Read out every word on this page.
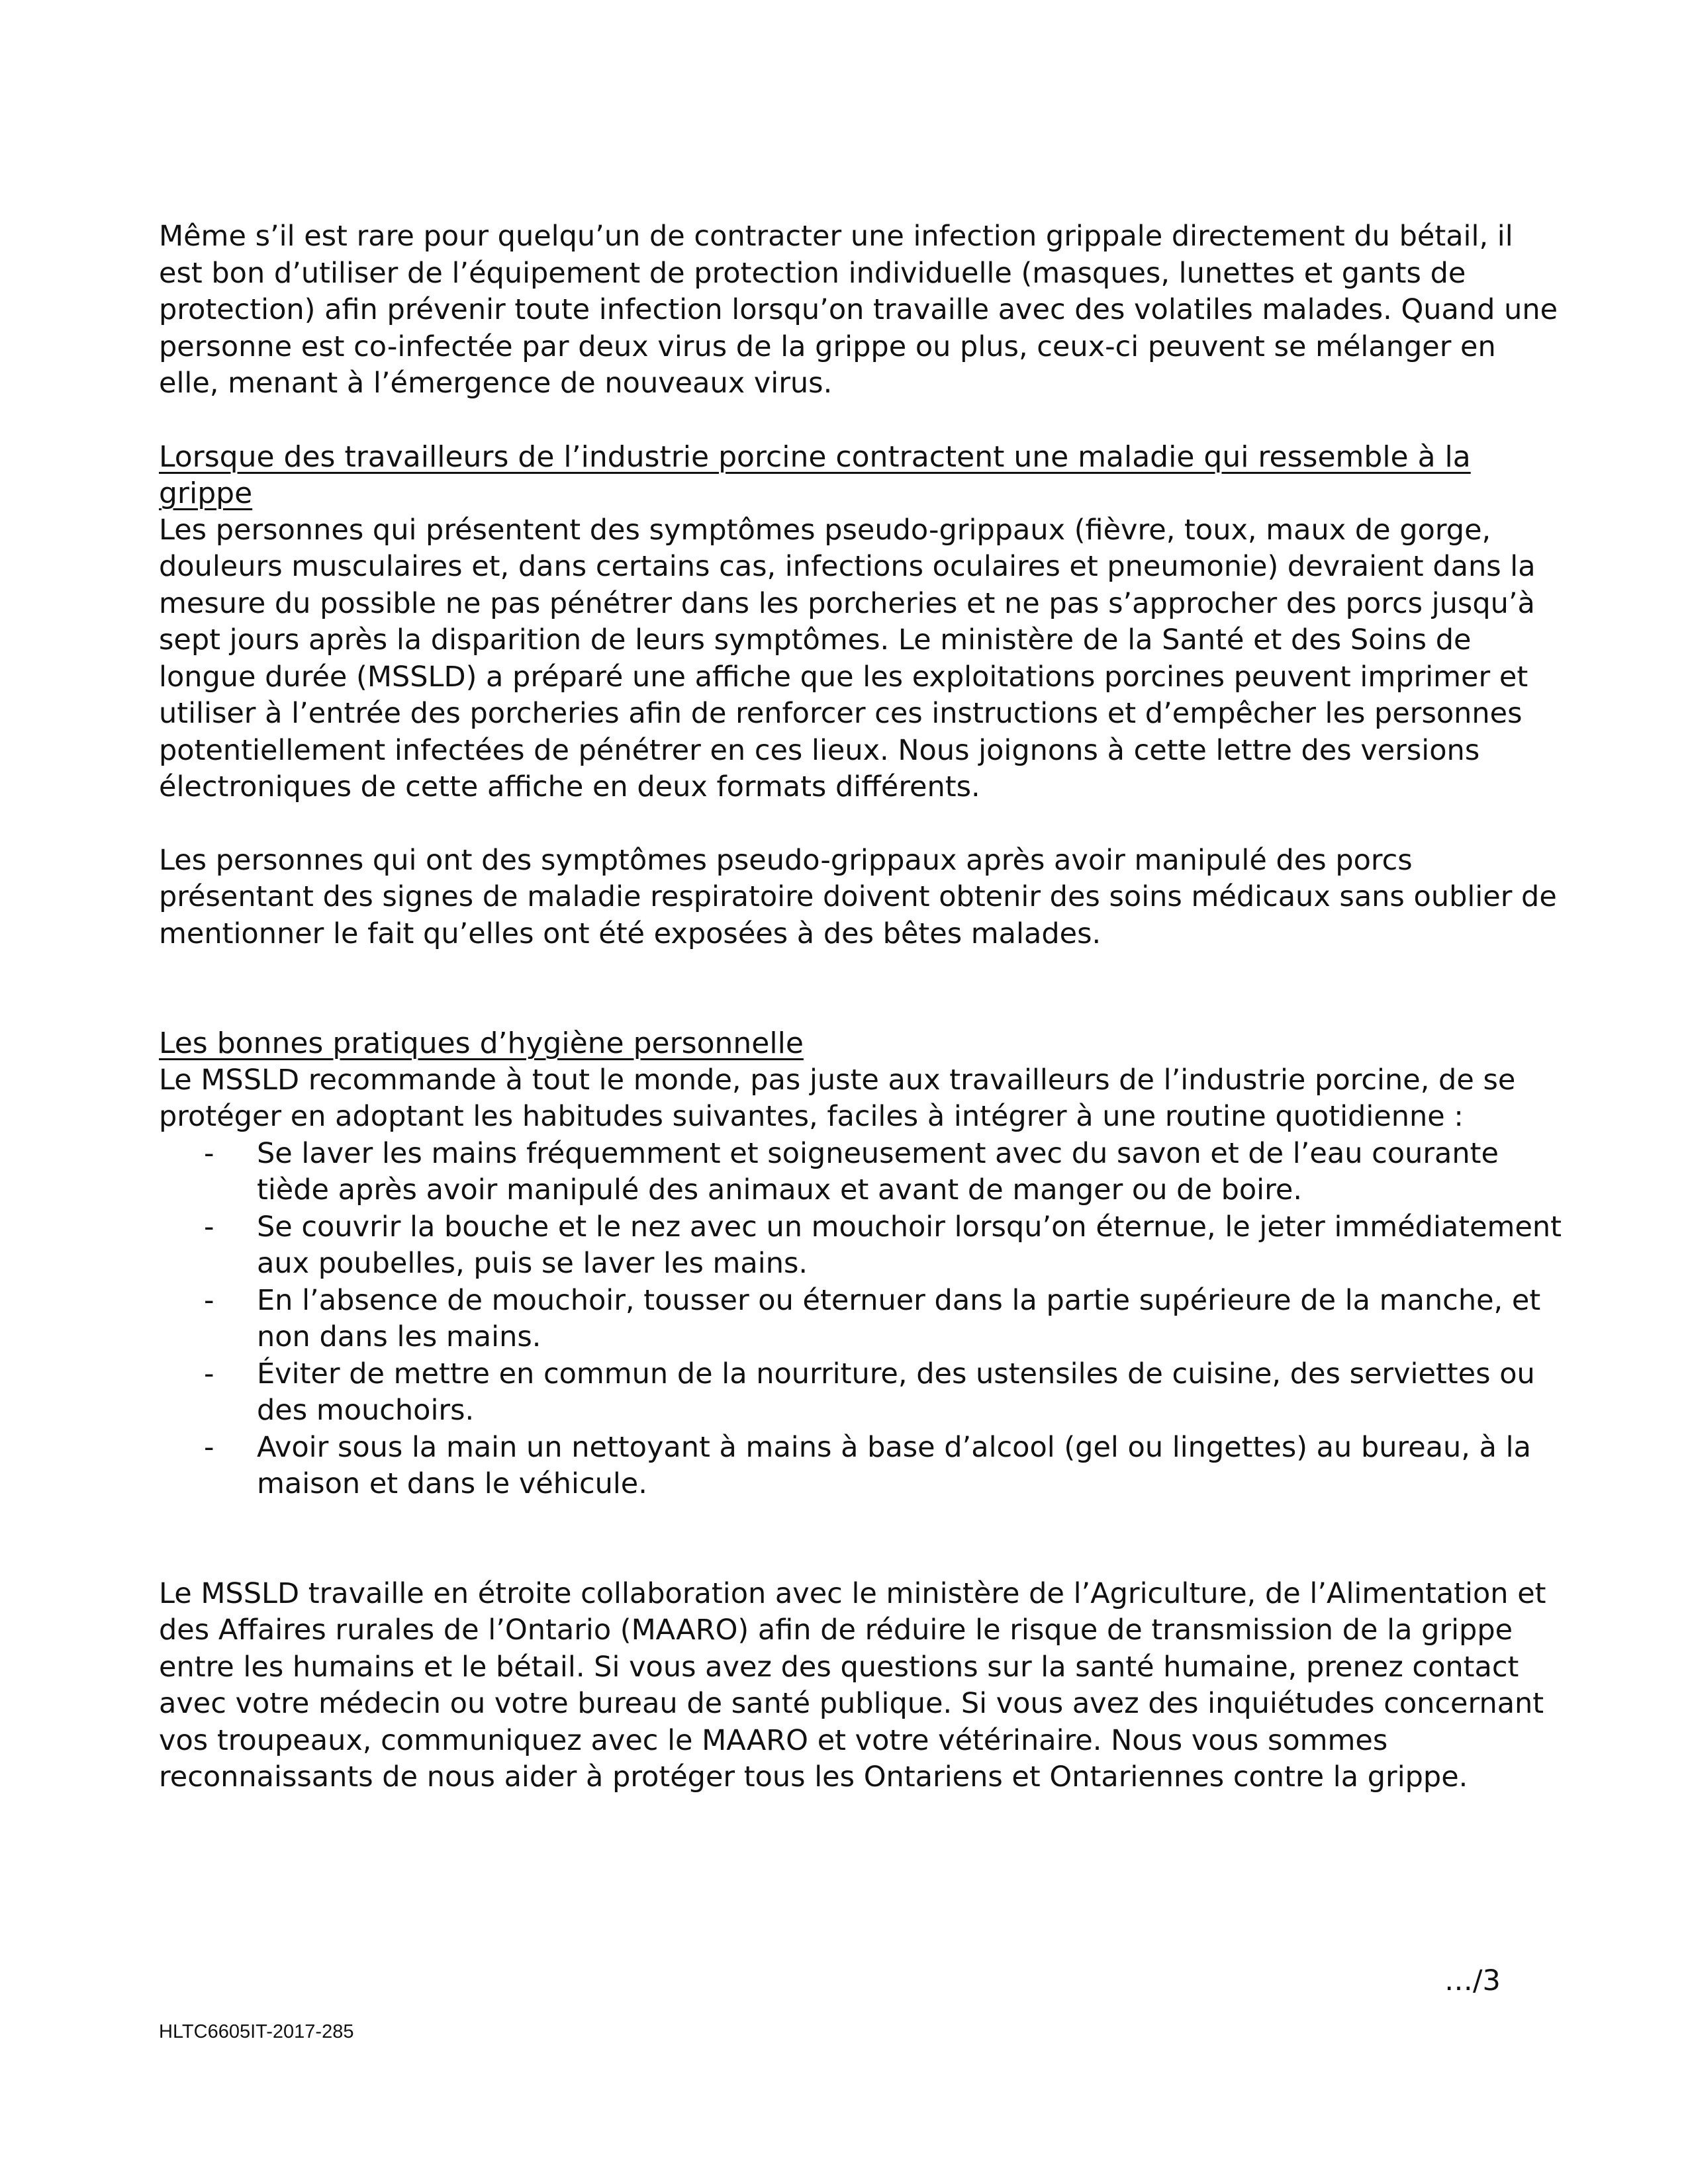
Même s’il est rare pour quelqu’un de contracter une infection grippale directement du bétail, il est bon d’utiliser de l’équipement de protection individuelle (masques, lunettes et gants de protection) afin prévenir toute infection lorsqu’on travaille avec des volatiles malades. Quand une personne est co-infectée par deux virus de la grippe ou plus, ceux-ci peuvent se mélanger en elle, menant à l’émergence de nouveaux virus.

Lorsque des travailleurs de l’industrie porcine contractent une maladie qui ressemble à la grippe

Les personnes qui présentent des symptômes pseudo-grippaux (fièvre, toux, maux de gorge, douleurs musculaires et, dans certains cas, infections oculaires et pneumonie) devraient dans la mesure du possible ne pas pénétrer dans les porcheries et ne pas s’approcher des porcs jusqu’à sept jours après la disparition de leurs symptômes. Le ministère de la Santé et des Soins de longue durée (MSSLD) a préparé une affiche que les exploitations porcines peuvent imprimer et utiliser à l’entrée des porcheries afin de renforcer ces instructions et d’empêcher les personnes potentiellement infectées de pénétrer en ces lieux. Nous joignons à cette lettre des versions électroniques de cette affiche en deux formats différents.

Les personnes qui ont des symptômes pseudo-grippaux après avoir manipulé des porcs présentant des signes de maladie respiratoire doivent obtenir des soins médicaux sans oublier de mentionner le fait qu’elles ont été exposées à des bêtes malades.

Les bonnes pratiques d’hygiène personnelle

Le MSSLD recommande à tout le monde, pas juste aux travailleurs de l’industrie porcine, de se protéger en adoptant les habitudes suivantes, faciles à intégrer à une routine quotidienne :

- Se laver les mains fréquemment et soigneusement avec du savon et de l’eau courante tiède après avoir manipulé des animaux et avant de manger ou de boire.
- Se couvrir la bouche et le nez avec un mouchoir lorsqu’on éternue, le jeter immédiatement aux poubelles, puis se laver les mains.
- En l’absence de mouchoir, tousser ou éternuer dans la partie supérieure de la manche, et non dans les mains.
- Éviter de mettre en commun de la nourriture, des ustensiles de cuisine, des serviettes ou des mouchoirs.
- Avoir sous la main un nettoyant à mains à base d’alcool (gel ou lingettes) au bureau, à la maison et dans le véhicule.

Le MSSLD travaille en étroite collaboration avec le ministère de l’Agriculture, de l’Alimentation et des Affaires rurales de l’Ontario (MAARO) afin de réduire le risque de transmission de la grippe entre les humains et le bétail. Si vous avez des questions sur la santé humaine, prenez contact avec votre médecin ou votre bureau de santé publique. Si vous avez des inquiétudes concernant vos troupeaux, communiquez avec le MAARO et votre vétérinaire. Nous vous sommes reconnaissants de nous aider à protéger tous les Ontariens et Ontariennes contre la grippe.

…/3
HLTC6605IT-2017-285
